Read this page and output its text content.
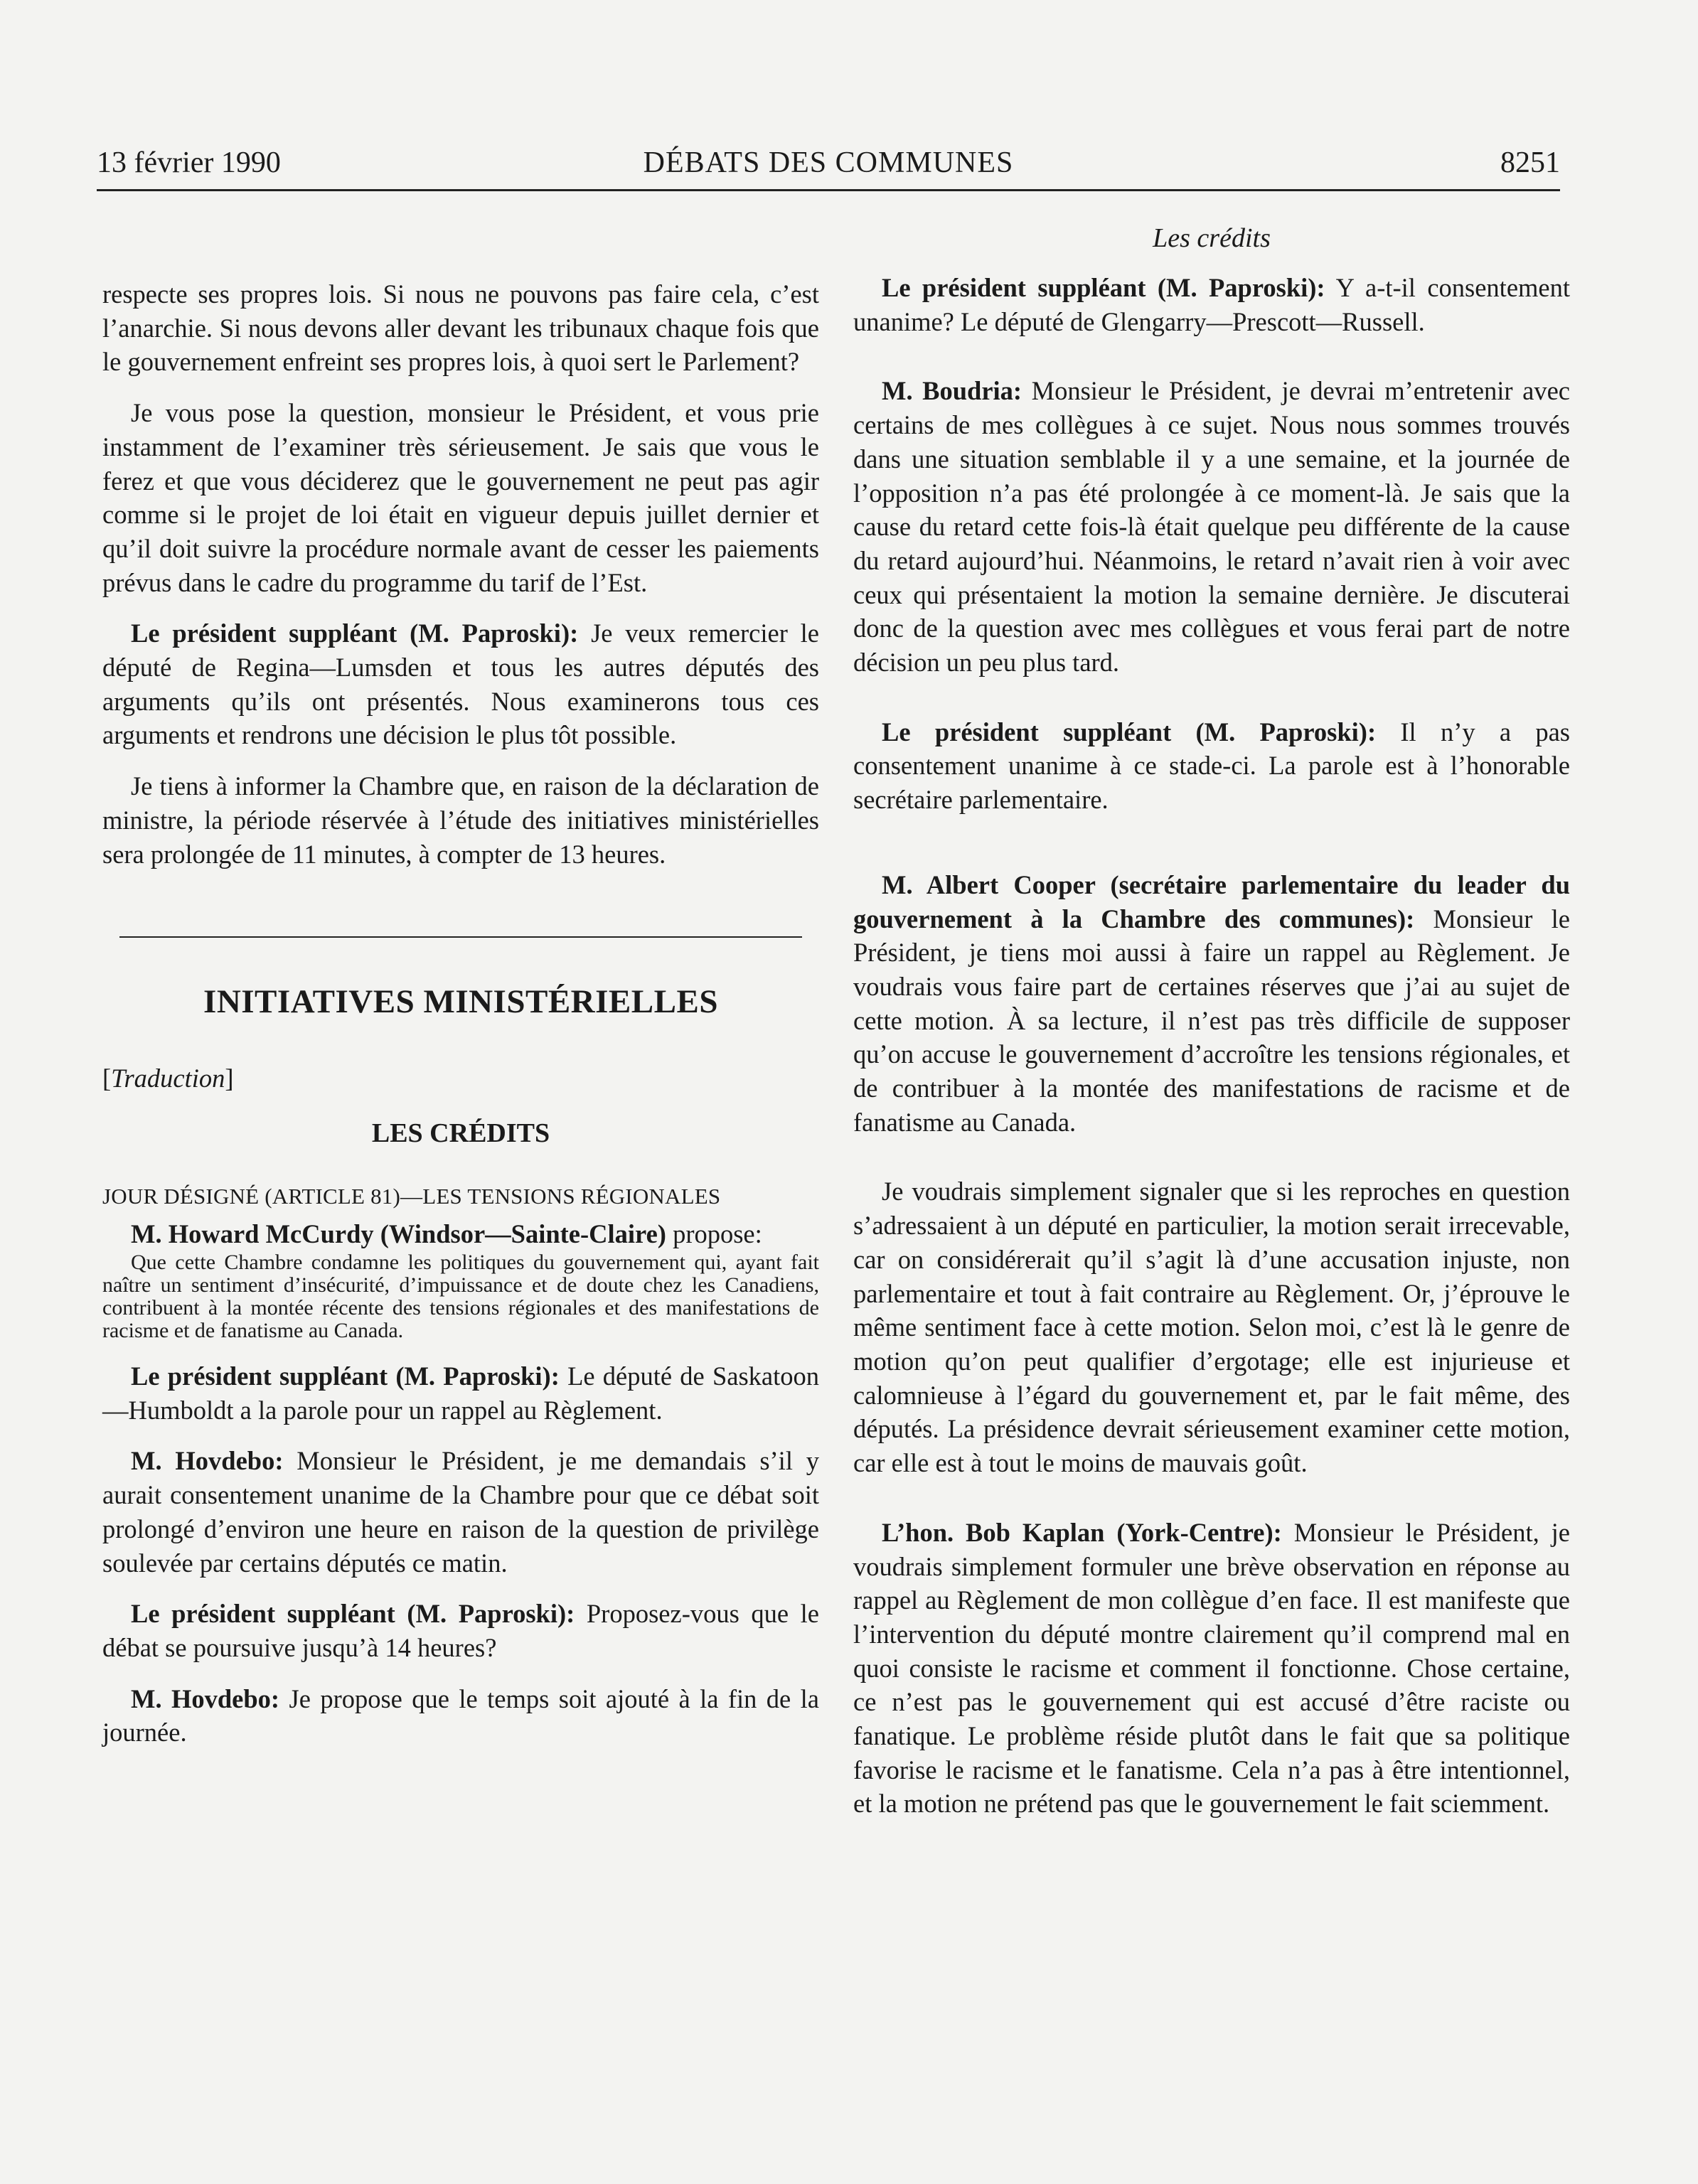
13 février 1990	DÉBATS DES COMMUNES	8251

respecte ses propres lois. Si nous ne pouvons pas faire cela, c’est l’anarchie. Si nous devons aller devant les tribunaux chaque fois que le gouvernement enfreint ses propres lois, à quoi sert le Parlement?

Je vous pose la question, monsieur le Président, et vous prie instamment de l’examiner très sérieusement. Je sais que vous le ferez et que vous déciderez que le gouvernement ne peut pas agir comme si le projet de loi était en vigueur depuis juillet dernier et qu’il doit suivre la procédure normale avant de cesser les paiements prévus dans le cadre du programme du tarif de l’Est.

Le président suppléant (M. Paproski): Je veux remercier le député de Regina—Lumsden et tous les autres députés des arguments qu’ils ont présentés. Nous examinerons tous ces arguments et rendrons une décision le plus tôt possible.

Je tiens à informer la Chambre que, en raison de la déclaration de ministre, la période réservée à l’étude des initiatives ministérielles sera prolongée de 11 minutes, à compter de 13 heures.

INITIATIVES MINISTÉRIELLES
[Traduction]
LES CRÉDITS
JOUR DÉSIGNÉ (ARTICLE 81)—LES TENSIONS RÉGIONALES

M. Howard McCurdy (Windsor—Sainte-Claire) propose:

Que cette Chambre condamne les politiques du gouvernement qui, ayant fait naître un sentiment d’insécurité, d’impuissance et de doute chez les Canadiens, contribuent à la montée récente des tensions régionales et des manifestations de racisme et de fanatisme au Canada.

Le président suppléant (M. Paproski): Le député de Saskatoon—Humboldt a la parole pour un rappel au Règlement.

M. Hovdebo: Monsieur le Président, je me demandais s’il y aurait consentement unanime de la Chambre pour que ce débat soit prolongé d’environ une heure en raison de la question de privilège soulevée par certains députés ce matin.

Le président suppléant (M. Paproski): Proposez-vous que le débat se poursuive jusqu’à 14 heures?

M. Hovdebo: Je propose que le temps soit ajouté à la fin de la journée.

Les crédits

Le président suppléant (M. Paproski): Y a-t-il consentement unanime? Le député de Glengarry—Prescott—Russell.

M. Boudria: Monsieur le Président, je devrai m’entretenir avec certains de mes collègues à ce sujet. Nous nous sommes trouvés dans une situation semblable il y a une semaine, et la journée de l’opposition n’a pas été prolongée à ce moment-là. Je sais que la cause du retard cette fois-là était quelque peu différente de la cause du retard aujourd’hui. Néanmoins, le retard n’avait rien à voir avec ceux qui présentaient la motion la semaine dernière. Je discuterai donc de la question avec mes collègues et vous ferai part de notre décision un peu plus tard.

Le président suppléant (M. Paproski): Il n’y a pas consentement unanime à ce stade-ci. La parole est à l’honorable secrétaire parlementaire.

M. Albert Cooper (secrétaire parlementaire du leader du gouvernement à la Chambre des communes): Monsieur le Président, je tiens moi aussi à faire un rappel au Règlement. Je voudrais vous faire part de certaines réserves que j’ai au sujet de cette motion. À sa lecture, il n’est pas très difficile de supposer qu’on accuse le gouvernement d’accroître les tensions régionales, et de contribuer à la montée des manifestations de racisme et de fanatisme au Canada.

Je voudrais simplement signaler que si les reproches en question s’adressaient à un député en particulier, la motion serait irrecevable, car on considérerait qu’il s’agit là d’une accusation injuste, non parlementaire et tout à fait contraire au Règlement. Or, j’éprouve le même sentiment face à cette motion. Selon moi, c’est là le genre de motion qu’on peut qualifier d’ergotage; elle est injurieuse et calomnieuse à l’égard du gouvernement et, par le fait même, des députés. La présidence devrait sérieusement examiner cette motion, car elle est à tout le moins de mauvais goût.

L’hon. Bob Kaplan (York-Centre): Monsieur le Président, je voudrais simplement formuler une brève observation en réponse au rappel au Règlement de mon collègue d’en face. Il est manifeste que l’intervention du député montre clairement qu’il comprend mal en quoi consiste le racisme et comment il fonctionne. Chose certaine, ce n’est pas le gouvernement qui est accusé d’être raciste ou fanatique. Le problème réside plutôt dans le fait que sa politique favorise le racisme et le fanatisme. Cela n’a pas à être intentionnel, et la motion ne prétend pas que le gouvernement le fait sciemment.
